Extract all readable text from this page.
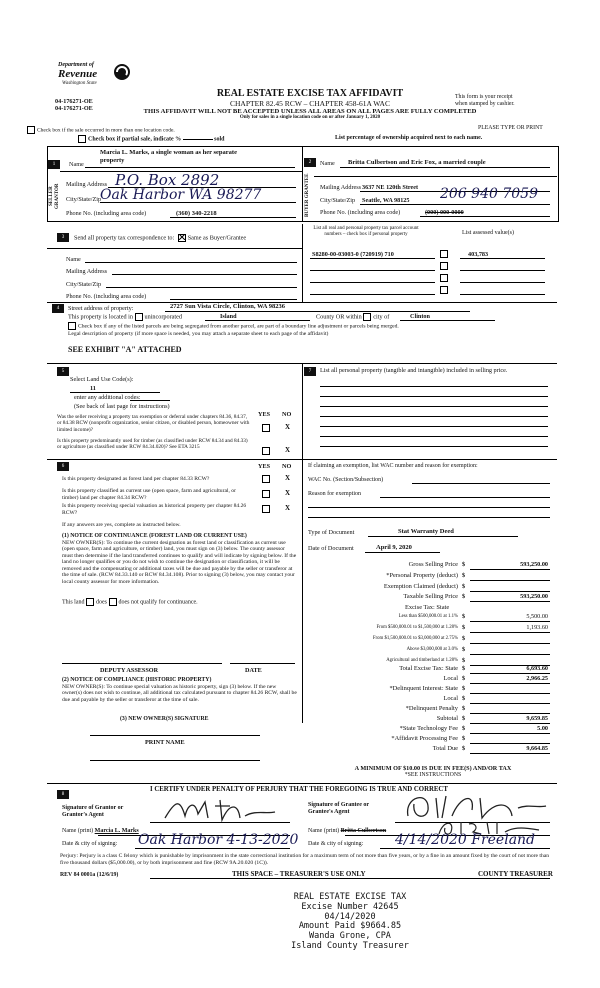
Department of
Revenue
Washington State
04-176271-OE
04-176271-OE
REAL ESTATE EXCISE TAX AFFIDAVIT
CHAPTER 82.45 RCW – CHAPTER 458-61A WAC
THIS AFFIDAVIT WILL NOT BE ACCEPTED UNLESS ALL AREAS ON ALL PAGES ARE FULLY COMPLETED
Only for sales in a single location code on or after January 1, 2020
This form is your receipt
when stamped by cashier.
PLEASE TYPE OR PRINT
Check box if the sale occurred in more than one location code.
Check box if partial sale, indicate %	sold	List percentage of ownership acquired next to each name.
1
SELLER GRANTOR
Name
Marcia L. Marks, a single woman as her separate
property
Mailing Address P.O. Box 2892
City/State/Zip
Oak Harbor WA 98277
Phone No. (including area code)	(360) 340-2218
2
BUYER GRANTEE
Name Britta Culbertson and Eric Fox, a married couple
Mailing Address 3637 NE 120th Street
City/State/Zip Seattle, WA 98125 206 940 7059
Phone No. (including area code)	(000) 000-0000
3	Send all property tax correspondence to: Same as Buyer/Grantee
Name
Mailing Address
City/State/Zip
Phone No. (including area code)
List all real and personal property tax parcel account numbers – check box if personal property	List assessed value(s)
S8280-00-03003-0 (720919) 710	403,783
4	Street address of property:	2727 Sun Vista Circle, Clinton, WA 98236
This property is located in unincorporated	Island	County OR within city of	Clinton
Check box if any of the listed parcels are being segregated from another parcel, are part of a boundary line adjustment or parcels being merged.
Legal description of property (if more space is needed, you may attach a separate sheet to each page of the affidavit)
SEE EXHIBIT "A" ATTACHED
5
Select Land Use Code(s):
11
enter any additional codes:
(See back of last page for instructions)
YES NO
Was the seller receiving a property tax exemption or deferral under chapters 84.36, 84.37, or 84.38 RCW (nonprofit organization, senior citizen, or disabled person, homeowner with limited income)?	X
Is this property predominantly used for timber (as classified under RCW 84.34 and 84.33) or agriculture (as classified under RCW 84.34.020)? See ETA 3215	X
7	List all personal property (tangible and intangible) included in selling price.
6	YES NO
Is this property designated as forest land per chapter 84.33 RCW?	X
Is this property classified as current use (open space, farm and agricultural, or timber) land per chapter 84.34 RCW?
X
Is this property receiving special valuation as historical property per chapter 84.26 RCW?
X
If any answers are yes, complete as instructed below.
(1) NOTICE OF CONTINUANCE (FOREST LAND OR CURRENT USE)
NEW OWNER(S): To continue the current designation as forest land or classification as current use (open space, farm and agriculture, or timber) land, you must sign on (3) below. The county assessor must then determine if the land transferred continues to qualify and will indicate by signing below. If the land no longer qualifies or you do not wish to continue the designation or classification, it will be removed and the compensating or additional taxes will be due and payable by the seller or transferor at the time of sale. (RCW 84.33.140 or RCW 84.34.108). Prior to signing (3) below, you may contact your local county assessor for more information.
This land does does not qualify for continuance.
DEPUTY ASSESSOR	DATE
(2) NOTICE OF COMPLIANCE (HISTORIC PROPERTY)
NEW OWNER(S): To continue special valuation as historic property, sign (3) below. If the new owner(s) does not wish to continue, all additional tax calculated pursuant to chapter 84.26 RCW, shall be due and payable by the seller or transferor at the time of sale.
(3) NEW OWNER(S) SIGNATURE
PRINT NAME
If claiming an exemption, list WAC number and reason for exemption:
WAC No. (Section/Subsection)
Reason for exemption
Type of Document	Stat Warranty Deed
Date of Document	April 9, 2020
Gross Selling Price $	593,250.00
*Personal Property (deduct) $
Exemption Claimed (deduct) $
Taxable Selling Price $	593,250.00
Excise Tax: State
Less than $500,000.01 at 1.1% $	5,500.00
From $500,000.01 to $1,500,000 at 1.28% $	1,193.60
From $1,500,000.01 to $3,000,000 at 2.75% $
Above $3,000,000 at 3.0% $
Agricultural and timberland at 1.28% $
Total Excise Tax: State $	6,693.60
Local $	2,966.25
*Delinquent Interest: State $
Local $
*Delinquent Penalty $
Subtotal $	9,659.85
*State Technology Fee $	5.00
*Affidavit Processing Fee $
Total Due $	9,664.85
A MINIMUM OF $10.00 IS DUE IN FEE(S) AND/OR TAX
*SEE INSTRUCTIONS
8
I CERTIFY UNDER PENALTY OF PERJURY THAT THE FOREGOING IS TRUE AND CORRECT
Signature of Grantor or Grantor's Agent
Signature of Grantee or Grantee's Agent
Name (print) Marcia L. Marks	Name (print) Britta Culbertson
Date & city of signing: Oak Harbor 4-13-2020 Date & city of signing: 4/14/2020 Freeland
Perjury: Perjury is a class C felony which is punishable by imprisonment in the state correctional institution for a maximum term of not more than five years, or by a fine in an amount fixed by the court of not more than five thousand dollars ($5,000.00), or by both imprisonment and fine (RCW 9A.20.020 (1C)).
REV 84 0001a (12/6/19)	THIS SPACE – TREASURER'S USE ONLY	COUNTY TREASURER
REAL ESTATE EXCISE TAX
Excise Number 42645
04/14/2020
Amount Paid $9664.85
Wanda Grone, CPA
Island County Treasurer
